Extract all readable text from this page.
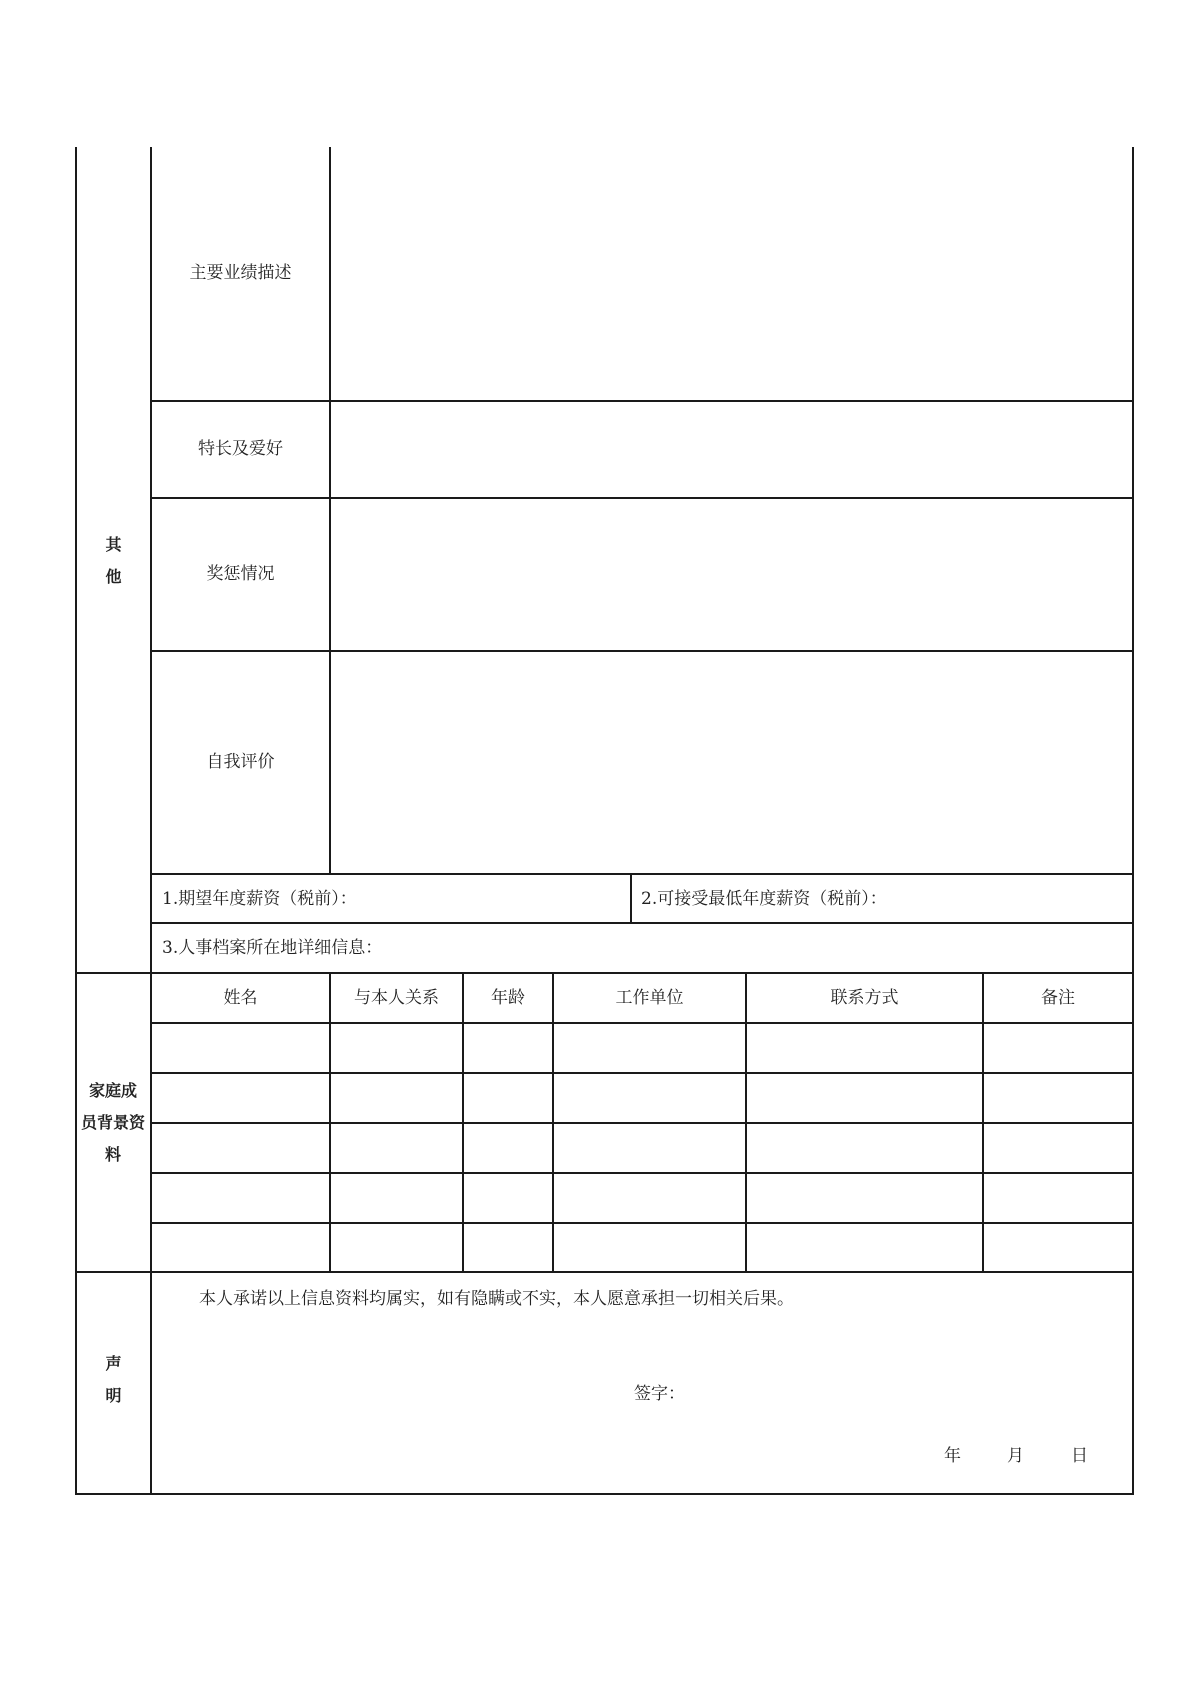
其
他
主要业绩描述
特长及爱好
奖惩情况
自我评价
1.期望年度薪资（税前）：	2.可接受最低年度薪资（税前）：
3.人事档案所在地详细信息：
家庭成
员背景资
料
姓名	与本人关系	年龄	工作单位	联系方式	备注
声
明
本人承诺以上信息资料均属实，如有隐瞒或不实，本人愿意承担一切相关后果。
签字：
年	月	日
